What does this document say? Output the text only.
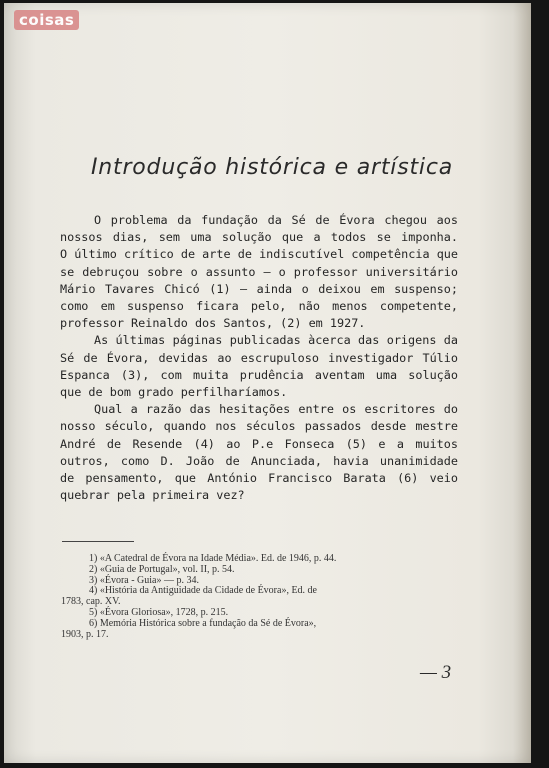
coisas
Introdução histórica e artística
O problema da fundação da Sé de Évora chegou aos
nossos dias, sem uma solução que a todos se imponha.
O último crítico de arte de indiscutível competência que
se debruçou sobre o assunto — o professor universitário
Mário Tavares Chicó (1) — ainda o deixou em suspenso;
como em suspenso ficara pelo, não menos competente,
professor Reinaldo dos Santos, (2) em 1927.
As últimas páginas publicadas àcerca das origens da
Sé de Évora, devidas ao escrupuloso investigador Túlio
Espanca (3), com muita prudência aventam uma solução
que de bom grado perfilharíamos.
Qual a razão das hesitações entre os escritores do
nosso século, quando nos séculos passados desde mestre
André de Resende (4) ao P.e Fonseca (5) e a muitos
outros, como D. João de Anunciada, havia unanimidade
de pensamento, que António Francisco Barata (6) veio
quebrar pela primeira vez?
1) «A Catedral de Évora na Idade Média». Ed. de 1946, p. 44.
2) «Guia de Portugal», vol. II, p. 54.
3) «Évora - Guia» — p. 34.
4) «História da Antiguidade da Cidade de Évora», Ed. de
1783, cap. XV.
5) «Évora Gloriosa», 1728, p. 215.
6) Memória Histórica sobre a fundação da Sé de Évora»,
1903, p. 17.
— 3
